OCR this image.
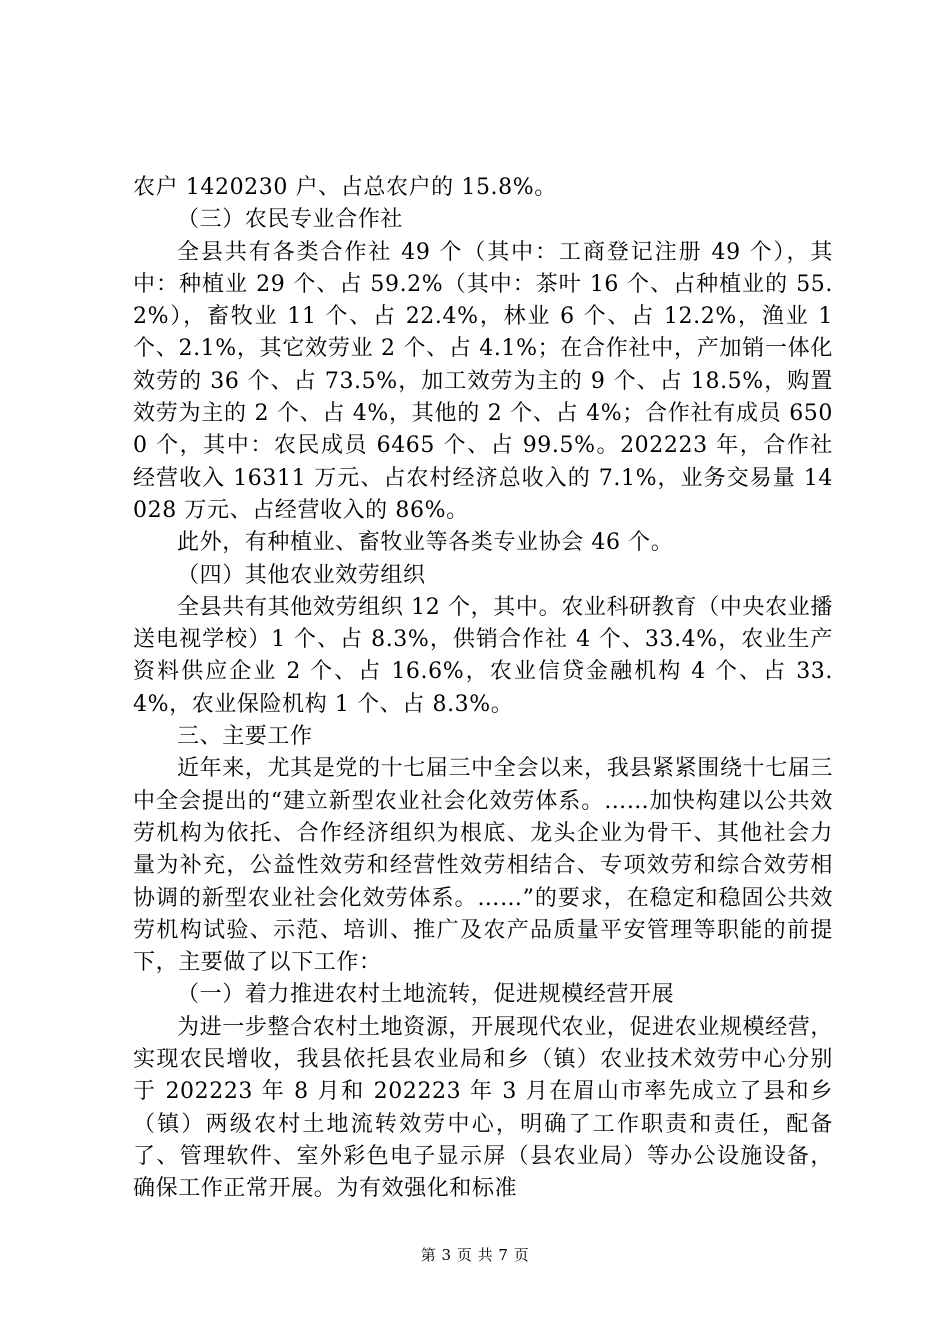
农户 1420230 户、占总农户的 15.8%。

（三）农民专业合作社

全县共有各类合作社 49 个（其中：工商登记注册 49 个），其中：种植业 29 个、占 59.2%（其中：茶叶 16 个、占种植业的 55.2%），畜牧业 11 个、占 22.4%，林业 6 个、占 12.2%，渔业 1 个、2.1%，其它效劳业 2 个、占 4.1%；在合作社中，产加销一体化效劳的 36 个、占 73.5%，加工效劳为主的 9 个、占 18.5%，购置效劳为主的 2 个、占 4%，其他的 2 个、占 4%；合作社有成员 6500 个，其中：农民成员 6465 个、占 99.5%。202223 年，合作社经营收入 16311 万元、占农村经济总收入的 7.1%，业务交易量 14028 万元、占经营收入的 86%。

此外，有种植业、畜牧业等各类专业协会 46 个。

（四）其他农业效劳组织

全县共有其他效劳组织 12 个，其中。农业科研教育（中央农业播送电视学校）1 个、占 8.3%，供销合作社 4 个、33.4%，农业生产资料供应企业 2 个、占 16.6%，农业信贷金融机构 4 个、占 33.4%，农业保险机构 1 个、占 8.3%。

三、主要工作

近年来，尤其是党的十七届三中全会以来，我县紧紧围绕十七届三中全会提出的“建立新型农业社会化效劳体系。……加快构建以公共效劳机构为依托、合作经济组织为根底、龙头企业为骨干、其他社会力量为补充，公益性效劳和经营性效劳相结合、专项效劳和综合效劳相协调的新型农业社会化效劳体系。……”的要求，在稳定和稳固公共效劳机构试验、示范、培训、推广及农产品质量平安管理等职能的前提下，主要做了以下工作：

（一）着力推进农村土地流转，促进规模经营开展

为进一步整合农村土地资源，开展现代农业，促进农业规模经营，实现农民增收，我县依托县农业局和乡（镇）农业技术效劳中心分别于 202223 年 8 月和 202223 年 3 月在眉山市率先成立了县和乡（镇）两级农村土地流转效劳中心，明确了工作职责和责任，配备了、管理软件、室外彩色电子显示屏（县农业局）等办公设施设备，确保工作正常开展。为有效强化和标准

第 3 页 共 7 页
